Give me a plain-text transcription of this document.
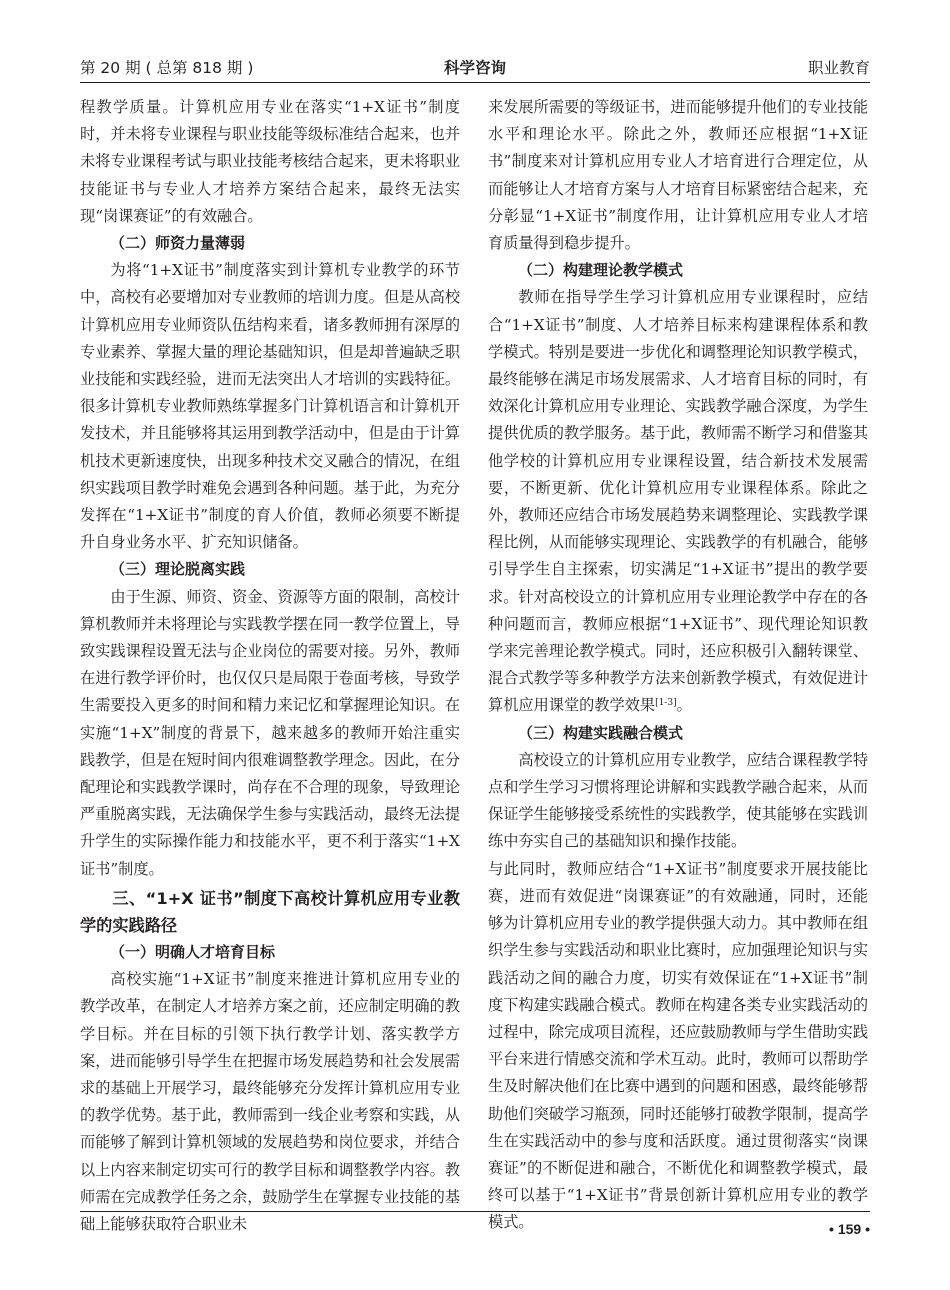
科学咨询
第 20 期 ( 总第 818 期 )	职业教育

程教学质量。计算机应用专业在落实“1+X证书”制度时，并未将专业课程与职业技能等级标准结合起来，也并未将专业课程考试与职业技能考核结合起来，更未将职业技能证书与专业人才培养方案结合起来，最终无法实现“岗课赛证”的有效融合。

（二）师资力量薄弱

为将“1+X证书”制度落实到计算机专业教学的环节中，高校有必要增加对专业教师的培训力度。但是从高校计算机应用专业师资队伍结构来看，诸多教师拥有深厚的专业素养、掌握大量的理论基础知识，但是却普遍缺乏职业技能和实践经验，进而无法突出人才培训的实践特征。很多计算机专业教师熟练掌握多门计算机语言和计算机开发技术，并且能够将其运用到教学活动中，但是由于计算机技术更新速度快，出现多种技术交叉融合的情况，在组织实践项目教学时难免会遇到各种问题。基于此，为充分发挥在“1+X证书”制度的育人价值，教师必须要不断提升自身业务水平、扩充知识储备。

（三）理论脱离实践

由于生源、师资、资金、资源等方面的限制，高校计算机教师并未将理论与实践教学摆在同一教学位置上，导致实践课程设置无法与企业岗位的需要对接。另外，教师在进行教学评价时，也仅仅只是局限于卷面考核，导致学生需要投入更多的时间和精力来记忆和掌握理论知识。在实施“1+X”制度的背景下，越来越多的教师开始注重实践教学，但是在短时间内很难调整教学理念。因此，在分配理论和实践教学课时，尚存在不合理的现象，导致理论严重脱离实践，无法确保学生参与实践活动，最终无法提升学生的实际操作能力和技能水平，更不利于落实“1+X证书”制度。

三、“1+X 证书”制度下高校计算机应用专业教学的实践路径
（一）明确人才培育目标

高校实施“1+X证书”制度来推进计算机应用专业的教学改革，在制定人才培养方案之前，还应制定明确的教学目标。并在目标的引领下执行教学计划、落实教学方案，进而能够引导学生在把握市场发展趋势和社会发展需求的基础上开展学习，最终能够充分发挥计算机应用专业的教学优势。基于此，教师需到一线企业考察和实践，从而能够了解到计算机领域的发展趋势和岗位要求，并结合以上内容来制定切实可行的教学目标和调整教学内容。教师需在完成教学任务之余，鼓励学生在掌握专业技能的基础上能够获取符合职业未

来发展所需要的等级证书，进而能够提升他们的专业技能水平和理论水平。除此之外，教师还应根据“1+X证书”制度来对计算机应用专业人才培育进行合理定位，从而能够让人才培育方案与人才培育目标紧密结合起来，充分彰显“1+X证书”制度作用，让计算机应用专业人才培育质量得到稳步提升。

（二）构建理论教学模式

教师在指导学生学习计算机应用专业课程时，应结合“1+X证书”制度、人才培养目标来构建课程体系和教学模式。特别是要进一步优化和调整理论知识教学模式，最终能够在满足市场发展需求、人才培育目标的同时，有效深化计算机应用专业理论、实践教学融合深度，为学生提供优质的教学服务。基于此，教师需不断学习和借鉴其他学校的计算机应用专业课程设置，结合新技术发展需要，不断更新、优化计算机应用专业课程体系。除此之外，教师还应结合市场发展趋势来调整理论、实践教学课程比例，从而能够实现理论、实践教学的有机融合，能够引导学生自主探索，切实满足“1+X证书”提出的教学要求。针对高校设立的计算机应用专业理论教学中存在的各种问题而言，教师应根据“1+X证书”、现代理论知识教学来完善理论教学模式。同时，还应积极引入翻转课堂、混合式教学等多种教学方法来创新教学模式，有效促进计算机应用课堂的教学效果[1-3]。

（三）构建实践融合模式

高校设立的计算机应用专业教学，应结合课程教学特点和学生学习习惯将理论讲解和实践教学融合起来，从而保证学生能够接受系统性的实践教学，使其能够在实践训练中夯实自己的基础知识和操作技能。

与此同时，教师应结合“1+X证书”制度要求开展技能比赛，进而有效促进“岗课赛证”的有效融通，同时，还能够为计算机应用专业的教学提供强大动力。其中教师在组织学生参与实践活动和职业比赛时，应加强理论知识与实践活动之间的融合力度，切实有效保证在“1+X证书”制度下构建实践融合模式。教师在构建各类专业实践活动的过程中，除完成项目流程，还应鼓励教师与学生借助实践平台来进行情感交流和学术互动。此时，教师可以帮助学生及时解决他们在比赛中遇到的问题和困惑，最终能够帮助他们突破学习瓶颈，同时还能够打破教学限制，提高学生在实践活动中的参与度和活跃度。通过贯彻落实“岗课赛证”的不断促进和融合，不断优化和调整教学模式，最终可以基于“1+X证书”背景创新计算机应用专业的教学模式。	• 159 •
